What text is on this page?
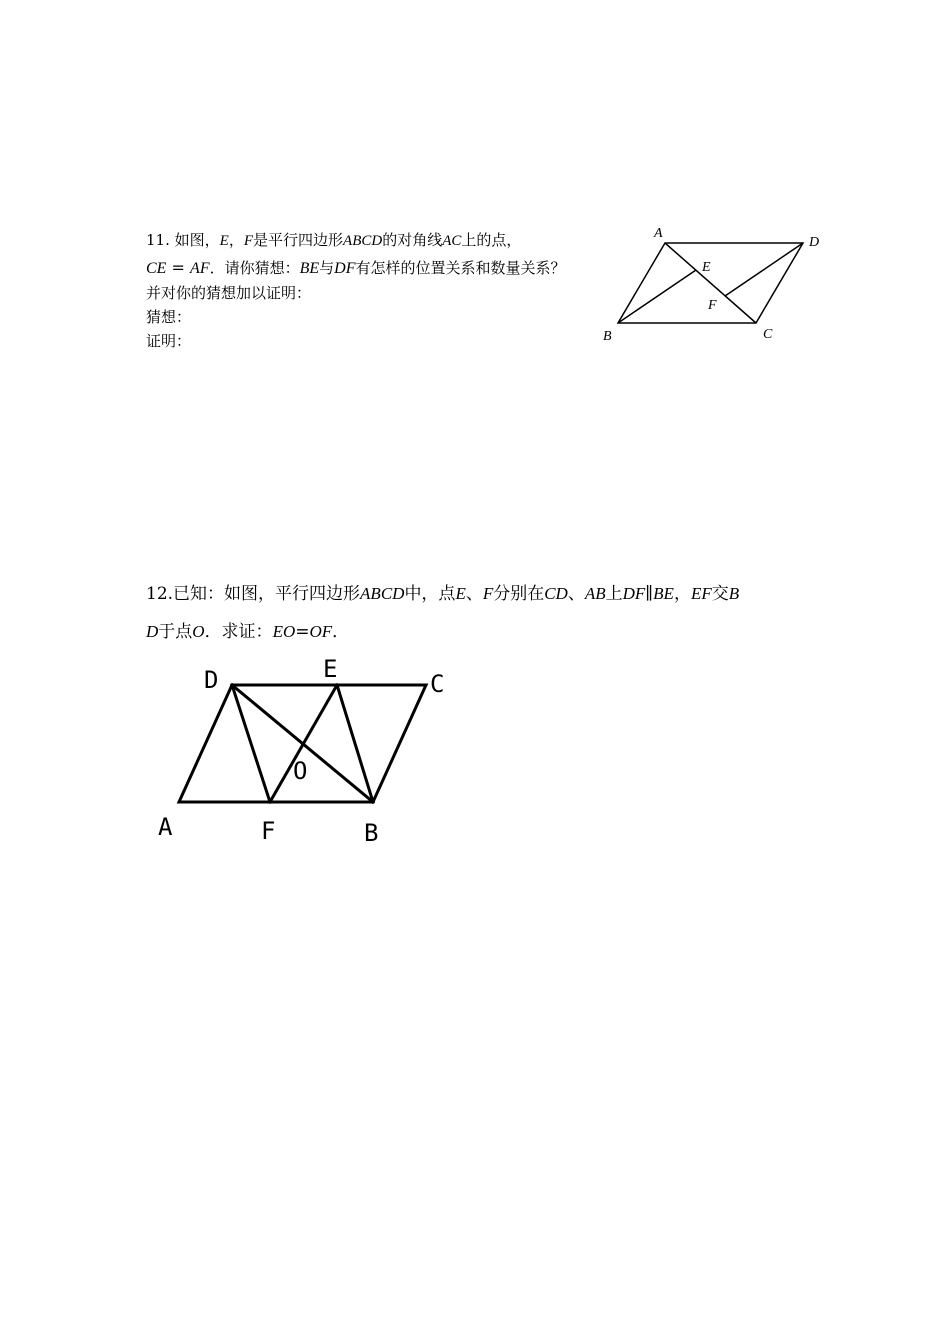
11. 如图，E，F是平行四边形ABCD的对角线AC上的点，
CE = AF．请你猜想：BE与DF有怎样的位置关系和数量关系？
并对你的猜想加以证明：
猜想：
证明：
A
D
E
F
B	C
12.已知：如图，平行四边形ABCD中，点E、F分别在CD、AB上DF∥BE，EF交B
D于点O．求证：EO=OF．
D	E
C
O
A	F	B
